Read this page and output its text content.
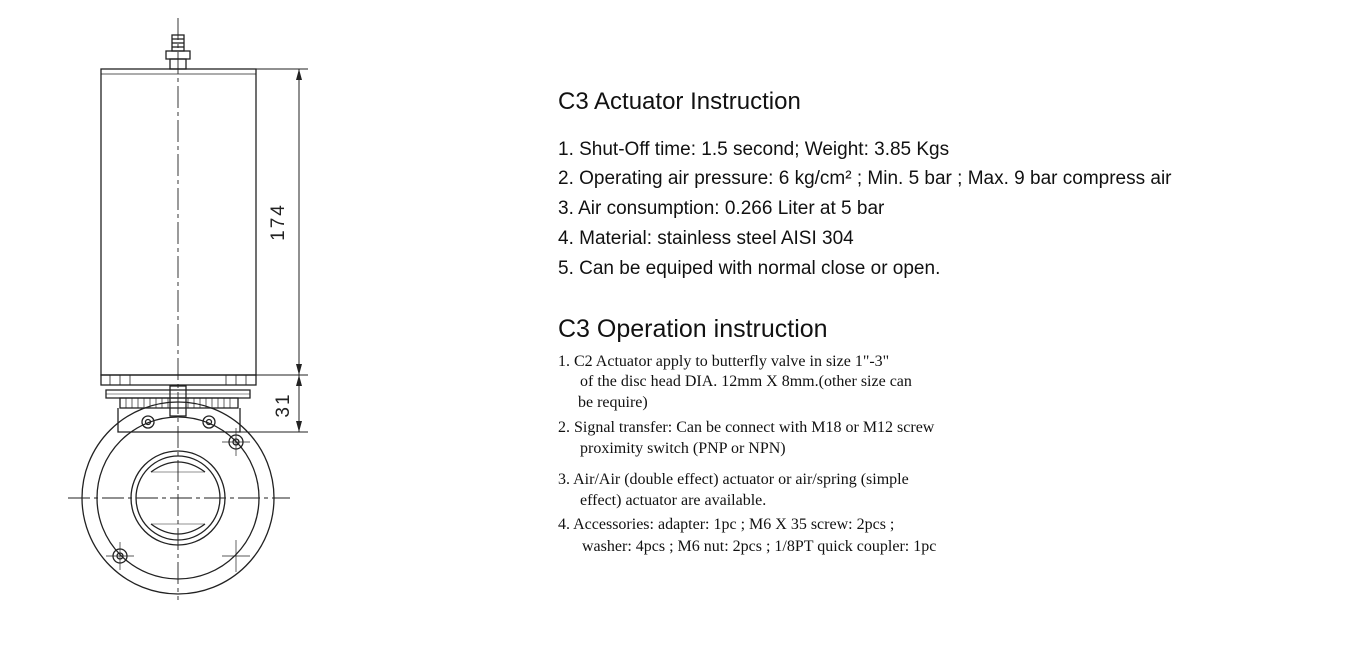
174
31
C3 Actuator Instruction
1. Shut-Off time: 1.5 second; Weight: 3.85 Kgs
2. Operating air pressure: 6 kg/cm² ; Min. 5 bar ; Max. 9 bar compress air
3. Air consumption: 0.266 Liter at 5 bar
4. Material: stainless steel AISI 304
5. Can be equiped with normal close or open.
C3 Operation instruction
1. C2 Actuator apply to butterfly valve in size 1"-3"
of the disc head DIA. 12mm X 8mm.(other size can
be require)
2. Signal transfer: Can be connect with M18 or M12 screw
proximity switch (PNP or NPN)
3. Air/Air (double effect) actuator or air/spring (simple
effect) actuator are available.
4. Accessories: adapter: 1pc ; M6 X 35 screw: 2pcs ;
washer: 4pcs ; M6 nut: 2pcs ; 1/8PT quick coupler: 1pc
